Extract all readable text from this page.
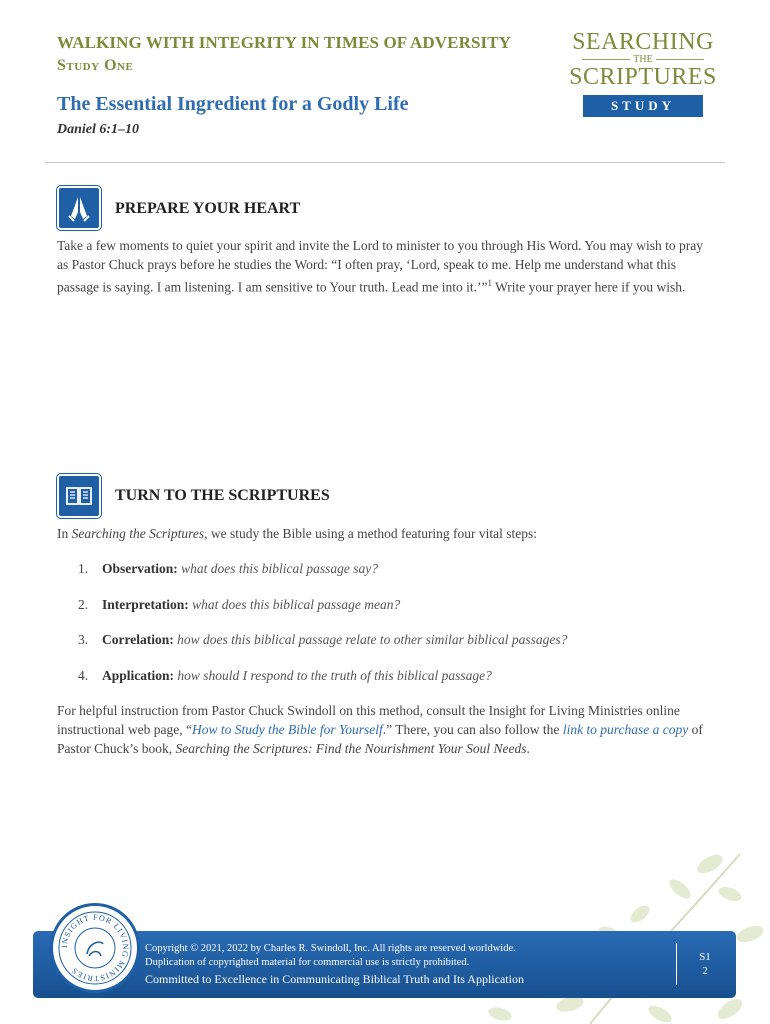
WALKING WITH INTEGRITY IN TIMES OF ADVERSITY
Study One
The Essential Ingredient for a Godly Life
Daniel 6:1–10
SEARCHING
THE
SCRIPTURES
STUDY
PREPARE YOUR HEART
Take a few moments to quiet your spirit and invite the Lord to minister to you through His Word. You may wish to pray as Pastor Chuck prays before he studies the Word: “I often pray, ‘Lord, speak to me. Help me understand what this passage is saying. I am listening. I am sensitive to Your truth. Lead me into it.’”$^1$ Write your prayer here if you wish.
TURN TO THE SCRIPTURES
In Searching the Scriptures, we study the Bible using a method featuring four vital steps:
1. Observation: what does this biblical passage say?
2. Interpretation: what does this biblical passage mean?
3. Correlation: how does this biblical passage relate to other similar biblical passages?
4. Application: how should I respond to the truth of this biblical passage?
For helpful instruction from Pastor Chuck Swindoll on this method, consult the Insight for Living Ministries online instructional web page, “How to Study the Bible for Yourself.” There, you can also follow the link to purchase a copy of Pastor Chuck’s book, Searching the Scriptures: Find the Nourishment Your Soul Needs.
INSIGHT FOR LIVING MINISTRIES
Copyright © 2021, 2022 by Charles R. Swindoll, Inc. All rights are reserved worldwide.
Duplication of copyrighted material for commercial use is strictly prohibited.
Committed to Excellence in Communicating Biblical Truth and Its Application
S1
2
